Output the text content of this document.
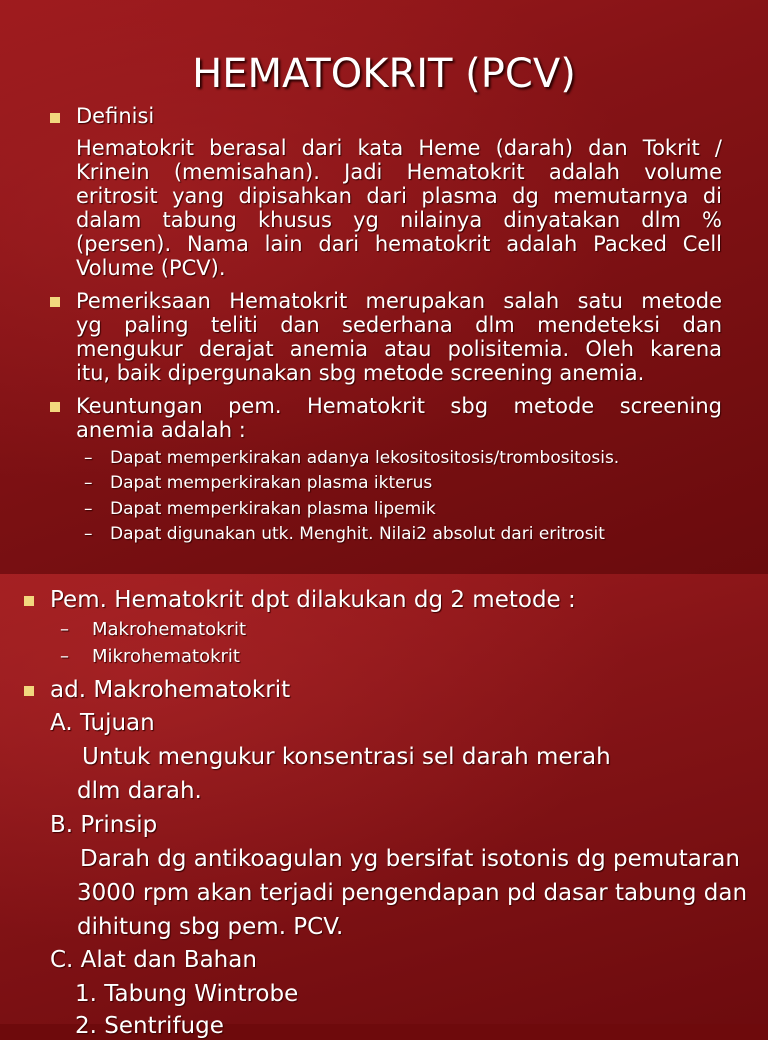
HEMATOKRIT (PCV)
Definisi
Hematokrit berasal dari kata Heme (darah) dan Tokrit /
Krinein (memisahan). Jadi Hematokrit adalah volume
eritrosit yang dipisahkan dari plasma dg memutarnya di
dalam tabung khusus yg nilainya dinyatakan dlm %
(persen). Nama lain dari hematokrit adalah Packed Cell
Volume (PCV).
Pemeriksaan Hematokrit merupakan salah satu metode
yg paling teliti dan sederhana dlm mendeteksi dan
mengukur derajat anemia atau polisitemia. Oleh karena
itu, baik dipergunakan sbg metode screening anemia.
Keuntungan pem. Hematokrit sbg metode screening
anemia adalah :
– Dapat memperkirakan adanya lekositositosis/trombositosis.
– Dapat memperkirakan plasma ikterus
– Dapat memperkirakan plasma lipemik
– Dapat digunakan utk. Menghit. Nilai2 absolut dari eritrosit
Pem. Hematokrit dpt dilakukan dg 2 metode :
– Makrohematokrit
– Mikrohematokrit
ad. Makrohematokrit
A. Tujuan
Untuk mengukur konsentrasi sel darah merah
dlm darah.
B. Prinsip
Darah dg antikoagulan yg bersifat isotonis dg pemutaran
3000 rpm akan terjadi pengendapan pd dasar tabung dan
dihitung sbg pem. PCV.
C. Alat dan Bahan
1. Tabung Wintrobe
2. Sentrifuge
